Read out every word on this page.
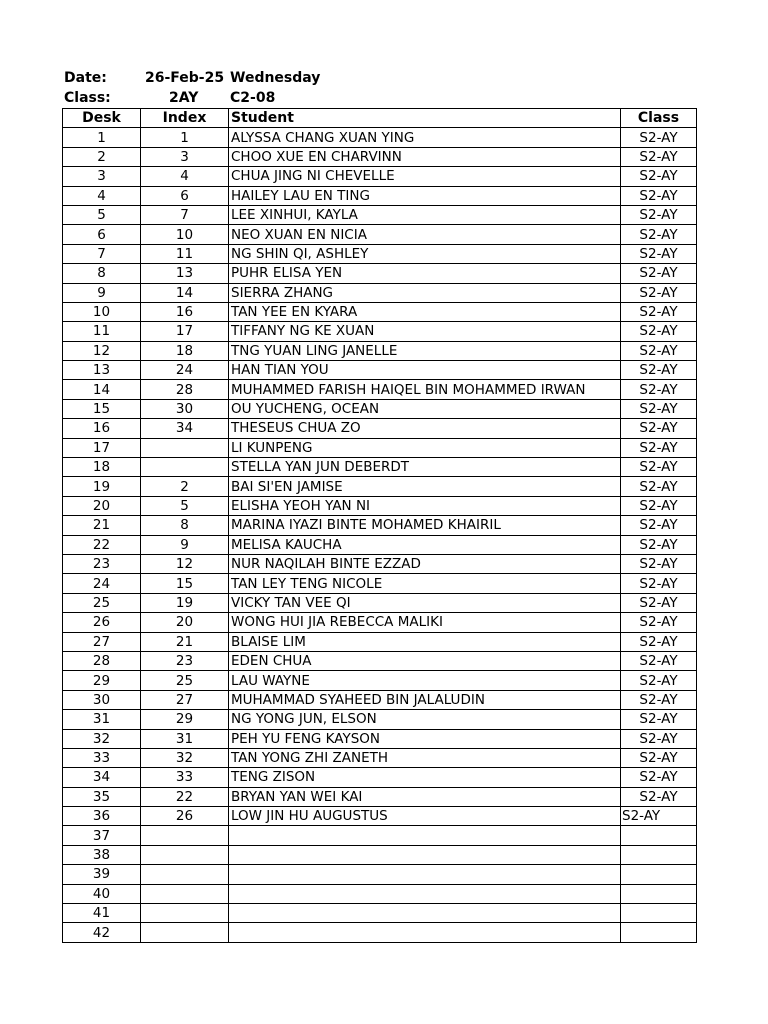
Date:	26-Feb-25 Wednesday
Class:	2AY C2-08
Desk	Index	Student	Class
1	1	ALYSSA CHANG XUAN YING	S2-AY
2	3	CHOO XUE EN CHARVINN	S2-AY
3	4	CHUA JING NI CHEVELLE	S2-AY
4	6	HAILEY LAU EN TING	S2-AY
5	7	LEE XINHUI, KAYLA	S2-AY
6	10	NEO XUAN EN NICIA	S2-AY
7	11	NG SHIN QI, ASHLEY	S2-AY
8	13	PUHR ELISA YEN	S2-AY
9	14	SIERRA ZHANG	S2-AY
10	16	TAN YEE EN KYARA	S2-AY
11	17	TIFFANY NG KE XUAN	S2-AY
12	18	TNG YUAN LING JANELLE	S2-AY
13	24	HAN TIAN YOU	S2-AY
14	28	MUHAMMED FARISH HAIQEL BIN MOHAMMED IRWAN	S2-AY
15	30	OU YUCHENG, OCEAN	S2-AY
16	34	THESEUS CHUA ZO	S2-AY
17		LI KUNPENG	S2-AY
18		STELLA YAN JUN DEBERDT	S2-AY
19	2	BAI SI'EN JAMISE	S2-AY
20	5	ELISHA YEOH YAN NI	S2-AY
21	8	MARINA IYAZI BINTE MOHAMED KHAIRIL	S2-AY
22	9	MELISA KAUCHA	S2-AY
23	12	NUR NAQILAH BINTE EZZAD	S2-AY
24	15	TAN LEY TENG NICOLE	S2-AY
25	19	VICKY TAN VEE QI	S2-AY
26	20	WONG HUI JIA REBECCA MALIKI	S2-AY
27	21	BLAISE LIM	S2-AY
28	23	EDEN CHUA	S2-AY
29	25	LAU WAYNE	S2-AY
30	27	MUHAMMAD SYAHEED BIN JALALUDIN	S2-AY
31	29	NG YONG JUN, ELSON	S2-AY
32	31	PEH YU FENG KAYSON	S2-AY
33	32	TAN YONG ZHI ZANETH	S2-AY
34	33	TENG ZISON	S2-AY
35	22	BRYAN YAN WEI KAI	S2-AY
36	26	LOW JIN HU AUGUSTUS	S2-AY
37			
38			
39			
40			
41			
42			
